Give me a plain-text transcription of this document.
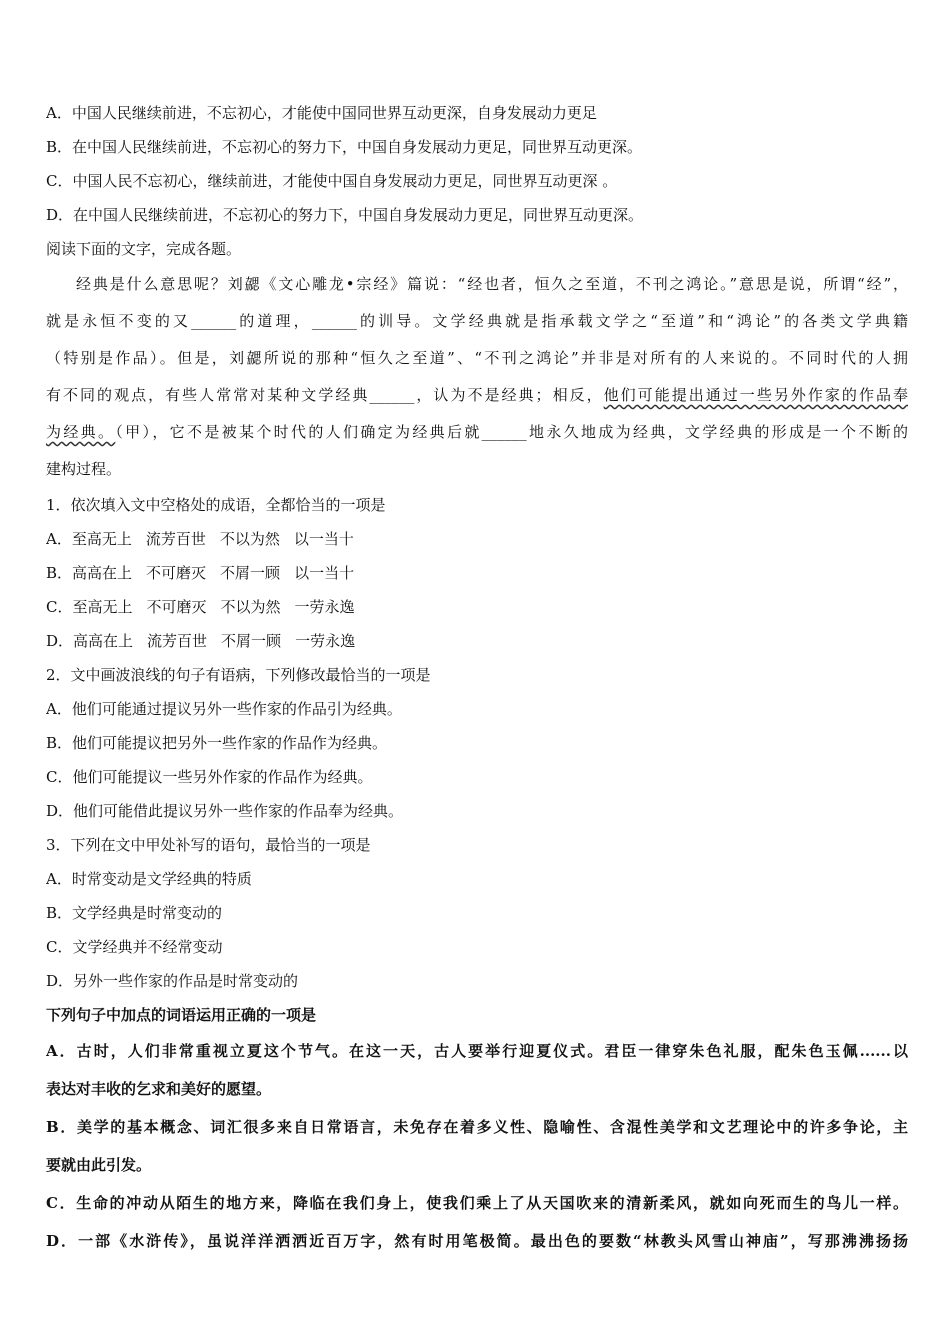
A．中国人民继续前进，不忘初心，才能使中国同世界互动更深，自身发展动力更足
B．在中国人民继续前进，不忘初心的努力下，中国自身发展动力更足，同世界互动更深。
C．中国人民不忘初心，继续前进，才能使中国自身发展动力更足，同世界互动更深 。
D．在中国人民继续前进，不忘初心的努力下，中国自身发展动力更足，同世界互动更深。
阅读下面的文字，完成各题。
经典是什么意思呢？刘勰《文心雕龙•宗经》篇说：“经也者，恒久之至道，不刊之鸿论。”意思是说，所谓“经”，
就是永恒不变的又______的道理，______的训导。文学经典就是指承载文学之“至道”和“鸿论”的各类文学典籍
（特别是作品）。但是，刘勰所说的那种“恒久之至道”、“不刊之鸿论”并非是对所有的人来说的。不同时代的人拥
有不同的观点，有些人常常对某种文学经典______，认为不是经典；相反，他们可能提出通过一些另外作家的作品奉
为经典。（甲），它不是被某个时代的人们确定为经典后就______地永久地成为经典，文学经典的形成是一个不断的
建构过程。
1．依次填入文中空格处的成语，全都恰当的一项是
A．至高无上 流芳百世 不以为然 以一当十
B．高高在上 不可磨灭 不屑一顾 以一当十
C．至高无上 不可磨灭 不以为然 一劳永逸
D．高高在上 流芳百世 不屑一顾 一劳永逸
2．文中画波浪线的句子有语病，下列修改最恰当的一项是
A．他们可能通过提议另外一些作家的作品引为经典。
B．他们可能提议把另外一些作家的作品作为经典。
C．他们可能提议一些另外作家的作品作为经典。
D．他们可能借此提议另外一些作家的作品奉为经典。
3．下列在文中甲处补写的语句，最恰当的一项是
A．时常变动是文学经典的特质
B．文学经典是时常变动的
C．文学经典并不经常变动
D．另外一些作家的作品是时常变动的
下列句子中加点的词语运用正确的一项是
A．古时，人们非常重视立夏这个节气。在这一天，古人要举行迎夏仪式。君臣一律穿朱色礼服，配朱色玉佩......以
表达对丰收的乞求和美好的愿望。
B．美学的基本概念、词汇很多来自日常语言，未免存在着多义性、隐喻性、含混性美学和文艺理论中的许多争论，主
要就由此引发。
C．生命的冲动从陌生的地方来，降临在我们身上，使我们乘上了从天国吹来的清新柔风，就如向死而生的鸟儿一样。
D．一部《水浒传》，虽说洋洋洒洒近百万字，然有时用笔极简。最出色的要数“林教头风雪山神庙”，写那沸沸扬扬
